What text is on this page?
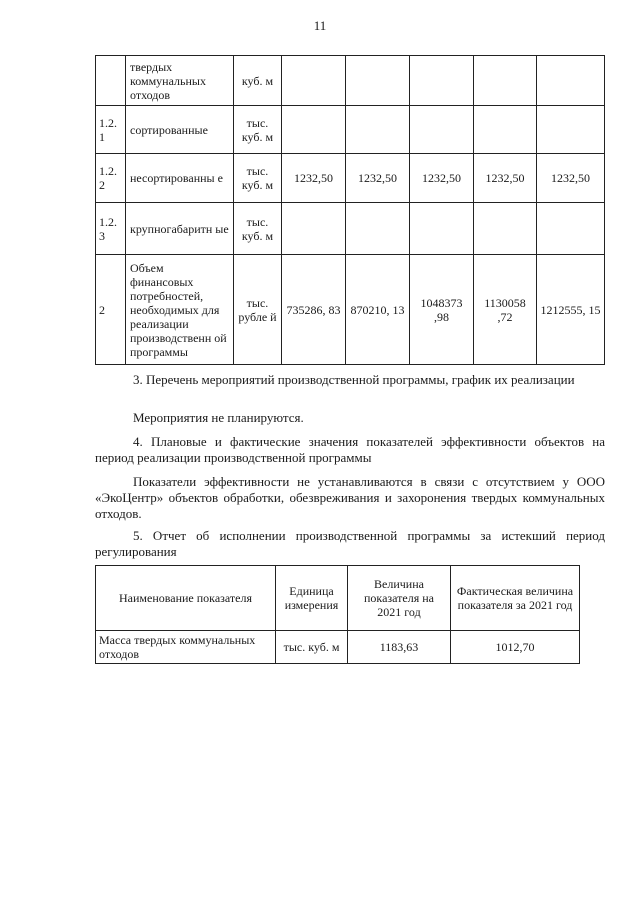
11
	твердых коммунальных отходов	куб. м					
1.2. 1	сортированные	тыс. куб. м					
1.2. 2	несортированны е	тыс. куб. м	1232,50	1232,50	1232,50	1232,50	1232,50
1.2. 3	крупногабаритн ые	тыс. куб. м					
2	Объем финансовых потребностей, необходимых для реализации производственн ой программы	тыс. рубле й	735286, 83	870210, 13	1048373 ,98	1130058 ,72	1212555, 15
3. Перечень мероприятий производственной программы, график их реализации
Мероприятия не планируются.
4. Плановые и фактические значения показателей эффективности объектов на период реализации производственной программы
Показатели эффективности не устанавливаются в связи с отсутствием у ООО «ЭкоЦентр» объектов обработки, обезвреживания и захоронения твердых коммунальных отходов.
5. Отчет об исполнении производственной программы за истекший период регулирования
Наименование показателя	Единица измерения	Величина показателя на 2021 год	Фактическая величина показателя за 2021 год
Масса твердых коммунальных отходов	тыс. куб. м	1183,63	1012,70
